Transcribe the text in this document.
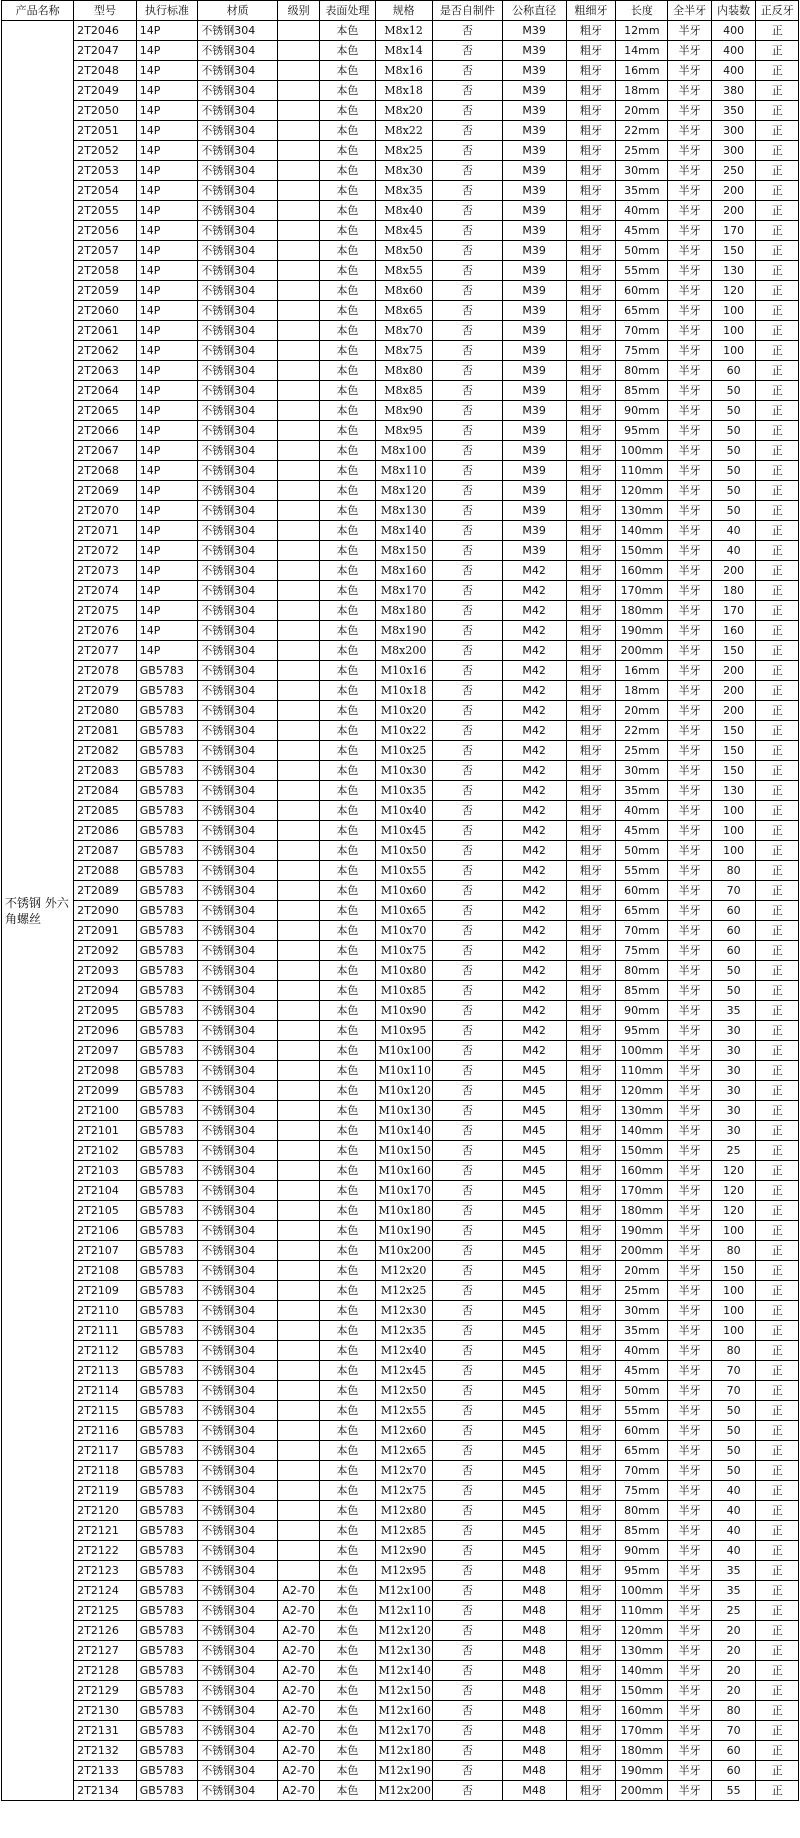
产品名称	型号	执行标准	材质	级别	表面处理	规格	是否自制件	公称直径	粗细牙	长度	全半牙	内装数	正反牙
不锈钢 外六角螺丝	2T2046	14P	不锈钢304		本色	M8x12	否	M39	粗牙	12mm	半牙	400	正
	2T2047	14P	不锈钢304		本色	M8x14	否	M39	粗牙	14mm	半牙	400	正
	2T2048	14P	不锈钢304		本色	M8x16	否	M39	粗牙	16mm	半牙	400	正
	2T2049	14P	不锈钢304		本色	M8x18	否	M39	粗牙	18mm	半牙	380	正
	2T2050	14P	不锈钢304		本色	M8x20	否	M39	粗牙	20mm	半牙	350	正
	2T2051	14P	不锈钢304		本色	M8x22	否	M39	粗牙	22mm	半牙	300	正
	2T2052	14P	不锈钢304		本色	M8x25	否	M39	粗牙	25mm	半牙	300	正
	2T2053	14P	不锈钢304		本色	M8x30	否	M39	粗牙	30mm	半牙	250	正
	2T2054	14P	不锈钢304		本色	M8x35	否	M39	粗牙	35mm	半牙	200	正
	2T2055	14P	不锈钢304		本色	M8x40	否	M39	粗牙	40mm	半牙	200	正
	2T2056	14P	不锈钢304		本色	M8x45	否	M39	粗牙	45mm	半牙	170	正
	2T2057	14P	不锈钢304		本色	M8x50	否	M39	粗牙	50mm	半牙	150	正
	2T2058	14P	不锈钢304		本色	M8x55	否	M39	粗牙	55mm	半牙	130	正
	2T2059	14P	不锈钢304		本色	M8x60	否	M39	粗牙	60mm	半牙	120	正
	2T2060	14P	不锈钢304		本色	M8x65	否	M39	粗牙	65mm	半牙	100	正
	2T2061	14P	不锈钢304		本色	M8x70	否	M39	粗牙	70mm	半牙	100	正
	2T2062	14P	不锈钢304		本色	M8x75	否	M39	粗牙	75mm	半牙	100	正
	2T2063	14P	不锈钢304		本色	M8x80	否	M39	粗牙	80mm	半牙	60	正
	2T2064	14P	不锈钢304		本色	M8x85	否	M39	粗牙	85mm	半牙	50	正
	2T2065	14P	不锈钢304		本色	M8x90	否	M39	粗牙	90mm	半牙	50	正
	2T2066	14P	不锈钢304		本色	M8x95	否	M39	粗牙	95mm	半牙	50	正
	2T2067	14P	不锈钢304		本色	M8x100	否	M39	粗牙	100mm	半牙	50	正
	2T2068	14P	不锈钢304		本色	M8x110	否	M39	粗牙	110mm	半牙	50	正
	2T2069	14P	不锈钢304		本色	M8x120	否	M39	粗牙	120mm	半牙	50	正
	2T2070	14P	不锈钢304		本色	M8x130	否	M39	粗牙	130mm	半牙	50	正
	2T2071	14P	不锈钢304		本色	M8x140	否	M39	粗牙	140mm	半牙	40	正
	2T2072	14P	不锈钢304		本色	M8x150	否	M39	粗牙	150mm	半牙	40	正
	2T2073	14P	不锈钢304		本色	M8x160	否	M42	粗牙	160mm	半牙	200	正
	2T2074	14P	不锈钢304		本色	M8x170	否	M42	粗牙	170mm	半牙	180	正
	2T2075	14P	不锈钢304		本色	M8x180	否	M42	粗牙	180mm	半牙	170	正
	2T2076	14P	不锈钢304		本色	M8x190	否	M42	粗牙	190mm	半牙	160	正
	2T2077	14P	不锈钢304		本色	M8x200	否	M42	粗牙	200mm	半牙	150	正
	2T2078	GB5783	不锈钢304		本色	M10x16	否	M42	粗牙	16mm	半牙	200	正
	2T2079	GB5783	不锈钢304		本色	M10x18	否	M42	粗牙	18mm	半牙	200	正
	2T2080	GB5783	不锈钢304		本色	M10x20	否	M42	粗牙	20mm	半牙	200	正
	2T2081	GB5783	不锈钢304		本色	M10x22	否	M42	粗牙	22mm	半牙	150	正
	2T2082	GB5783	不锈钢304		本色	M10x25	否	M42	粗牙	25mm	半牙	150	正
	2T2083	GB5783	不锈钢304		本色	M10x30	否	M42	粗牙	30mm	半牙	150	正
	2T2084	GB5783	不锈钢304		本色	M10x35	否	M42	粗牙	35mm	半牙	130	正
	2T2085	GB5783	不锈钢304		本色	M10x40	否	M42	粗牙	40mm	半牙	100	正
	2T2086	GB5783	不锈钢304		本色	M10x45	否	M42	粗牙	45mm	半牙	100	正
	2T2087	GB5783	不锈钢304		本色	M10x50	否	M42	粗牙	50mm	半牙	100	正
	2T2088	GB5783	不锈钢304		本色	M10x55	否	M42	粗牙	55mm	半牙	80	正
	2T2089	GB5783	不锈钢304		本色	M10x60	否	M42	粗牙	60mm	半牙	70	正
	2T2090	GB5783	不锈钢304		本色	M10x65	否	M42	粗牙	65mm	半牙	60	正
	2T2091	GB5783	不锈钢304		本色	M10x70	否	M42	粗牙	70mm	半牙	60	正
	2T2092	GB5783	不锈钢304		本色	M10x75	否	M42	粗牙	75mm	半牙	60	正
	2T2093	GB5783	不锈钢304		本色	M10x80	否	M42	粗牙	80mm	半牙	50	正
	2T2094	GB5783	不锈钢304		本色	M10x85	否	M42	粗牙	85mm	半牙	50	正
	2T2095	GB5783	不锈钢304		本色	M10x90	否	M42	粗牙	90mm	半牙	35	正
	2T2096	GB5783	不锈钢304		本色	M10x95	否	M42	粗牙	95mm	半牙	30	正
	2T2097	GB5783	不锈钢304		本色	M10x100	否	M42	粗牙	100mm	半牙	30	正
	2T2098	GB5783	不锈钢304		本色	M10x110	否	M45	粗牙	110mm	半牙	30	正
	2T2099	GB5783	不锈钢304		本色	M10x120	否	M45	粗牙	120mm	半牙	30	正
	2T2100	GB5783	不锈钢304		本色	M10x130	否	M45	粗牙	130mm	半牙	30	正
	2T2101	GB5783	不锈钢304		本色	M10x140	否	M45	粗牙	140mm	半牙	30	正
	2T2102	GB5783	不锈钢304		本色	M10x150	否	M45	粗牙	150mm	半牙	25	正
	2T2103	GB5783	不锈钢304		本色	M10x160	否	M45	粗牙	160mm	半牙	120	正
	2T2104	GB5783	不锈钢304		本色	M10x170	否	M45	粗牙	170mm	半牙	120	正
	2T2105	GB5783	不锈钢304		本色	M10x180	否	M45	粗牙	180mm	半牙	120	正
	2T2106	GB5783	不锈钢304		本色	M10x190	否	M45	粗牙	190mm	半牙	100	正
	2T2107	GB5783	不锈钢304		本色	M10x200	否	M45	粗牙	200mm	半牙	80	正
	2T2108	GB5783	不锈钢304		本色	M12x20	否	M45	粗牙	20mm	半牙	150	正
	2T2109	GB5783	不锈钢304		本色	M12x25	否	M45	粗牙	25mm	半牙	100	正
	2T2110	GB5783	不锈钢304		本色	M12x30	否	M45	粗牙	30mm	半牙	100	正
	2T2111	GB5783	不锈钢304		本色	M12x35	否	M45	粗牙	35mm	半牙	100	正
	2T2112	GB5783	不锈钢304		本色	M12x40	否	M45	粗牙	40mm	半牙	80	正
	2T2113	GB5783	不锈钢304		本色	M12x45	否	M45	粗牙	45mm	半牙	70	正
	2T2114	GB5783	不锈钢304		本色	M12x50	否	M45	粗牙	50mm	半牙	70	正
	2T2115	GB5783	不锈钢304		本色	M12x55	否	M45	粗牙	55mm	半牙	50	正
	2T2116	GB5783	不锈钢304		本色	M12x60	否	M45	粗牙	60mm	半牙	50	正
	2T2117	GB5783	不锈钢304		本色	M12x65	否	M45	粗牙	65mm	半牙	50	正
	2T2118	GB5783	不锈钢304		本色	M12x70	否	M45	粗牙	70mm	半牙	50	正
	2T2119	GB5783	不锈钢304		本色	M12x75	否	M45	粗牙	75mm	半牙	40	正
	2T2120	GB5783	不锈钢304		本色	M12x80	否	M45	粗牙	80mm	半牙	40	正
	2T2121	GB5783	不锈钢304		本色	M12x85	否	M45	粗牙	85mm	半牙	40	正
	2T2122	GB5783	不锈钢304		本色	M12x90	否	M45	粗牙	90mm	半牙	40	正
	2T2123	GB5783	不锈钢304		本色	M12x95	否	M48	粗牙	95mm	半牙	35	正
	2T2124	GB5783	不锈钢304	A2-70	本色	M12x100	否	M48	粗牙	100mm	半牙	35	正
	2T2125	GB5783	不锈钢304	A2-70	本色	M12x110	否	M48	粗牙	110mm	半牙	25	正
	2T2126	GB5783	不锈钢304	A2-70	本色	M12x120	否	M48	粗牙	120mm	半牙	20	正
	2T2127	GB5783	不锈钢304	A2-70	本色	M12x130	否	M48	粗牙	130mm	半牙	20	正
	2T2128	GB5783	不锈钢304	A2-70	本色	M12x140	否	M48	粗牙	140mm	半牙	20	正
	2T2129	GB5783	不锈钢304	A2-70	本色	M12x150	否	M48	粗牙	150mm	半牙	20	正
	2T2130	GB5783	不锈钢304	A2-70	本色	M12x160	否	M48	粗牙	160mm	半牙	80	正
	2T2131	GB5783	不锈钢304	A2-70	本色	M12x170	否	M48	粗牙	170mm	半牙	70	正
	2T2132	GB5783	不锈钢304	A2-70	本色	M12x180	否	M48	粗牙	180mm	半牙	60	正
	2T2133	GB5783	不锈钢304	A2-70	本色	M12x190	否	M48	粗牙	190mm	半牙	60	正
	2T2134	GB5783	不锈钢304	A2-70	本色	M12x200	否	M48	粗牙	200mm	半牙	55	正
